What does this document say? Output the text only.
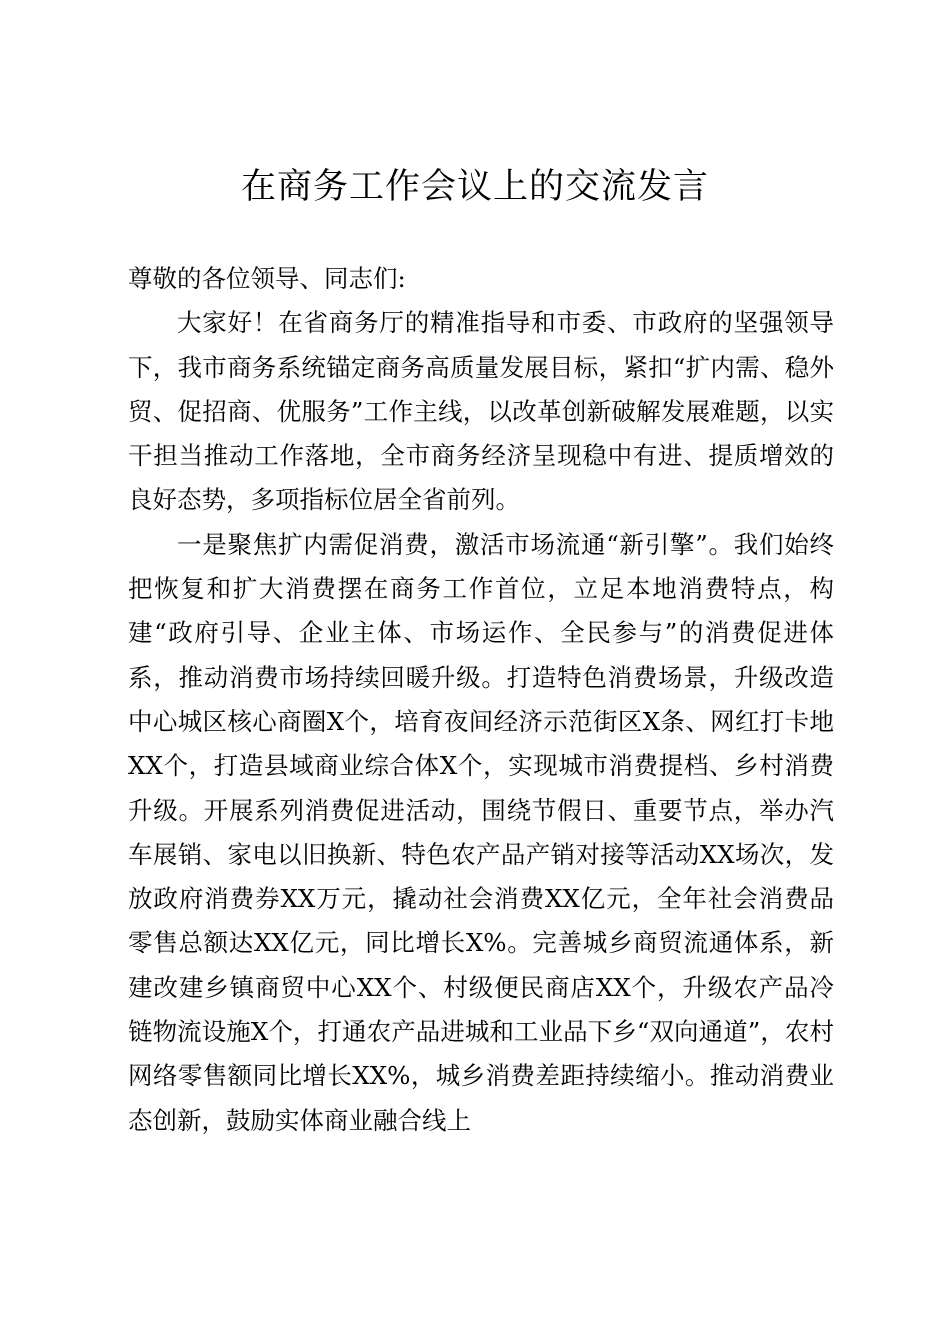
在商务工作会议上的交流发言

尊敬的各位领导、同志们:

大家好！在省商务厅的精准指导和市委、市政府的坚强领导下，我市商务系统锚定商务高质量发展目标，紧扣“扩内需、稳外贸、促招商、优服务”工作主线，以改革创新破解发展难题，以实干担当推动工作落地，全市商务经济呈现稳中有进、提质增效的良好态势，多项指标位居全省前列。

一是聚焦扩内需促消费，激活市场流通“新引擎”。我们始终把恢复和扩大消费摆在商务工作首位，立足本地消费特点，构建“政府引导、企业主体、市场运作、全民参与”的消费促进体系，推动消费市场持续回暖升级。打造特色消费场景，升级改造中心城区核心商圈X个，培育夜间经济示范街区X条、网红打卡地XX个，打造县域商业综合体X个，实现城市消费提档、乡村消费升级。开展系列消费促进活动，围绕节假日、重要节点，举办汽车展销、家电以旧换新、特色农产品产销对接等活动XX场次，发放政府消费券XX万元，撬动社会消费XX亿元，全年社会消费品零售总额达XX亿元，同比增长X%。完善城乡商贸流通体系，新建改建乡镇商贸中心XX个、村级便民商店XX个，升级农产品冷链物流设施X个，打通农产品进城和工业品下乡“双向通道”，农村网络零售额同比增长XX%，城乡消费差距持续缩小。推动消费业态创新，鼓励实体商业融合线上
